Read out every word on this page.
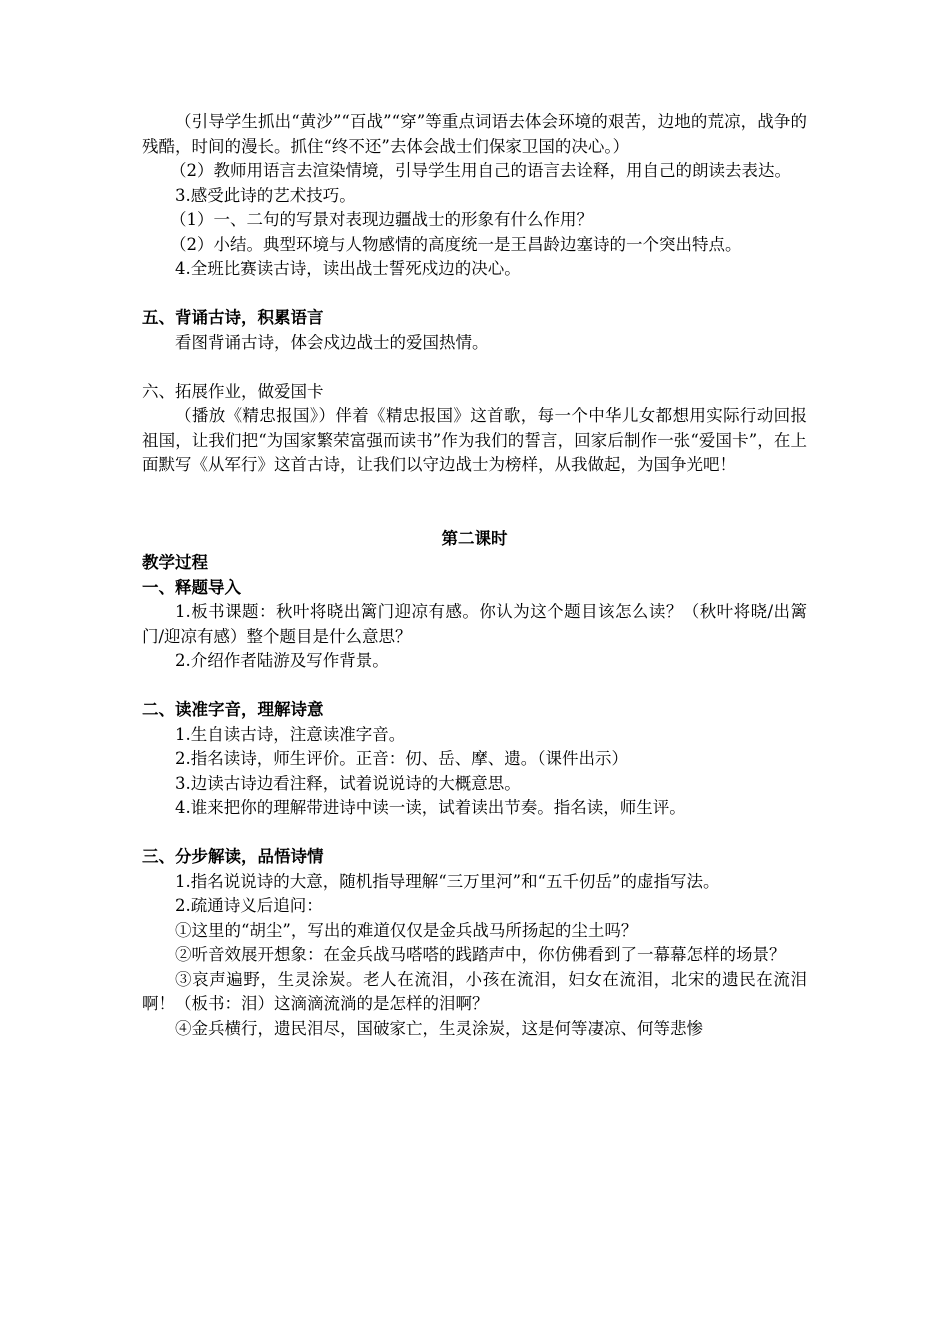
（引导学生抓出“黄沙”“百战”“穿”等重点词语去体会环境的艰苦，边地的荒凉，战争的残酷，时间的漫长。抓住“终不还”去体会战士们保家卫国的决心。）

（2）教师用语言去渲染情境，引导学生用自己的语言去诠释，用自己的朗读去表达。

3.感受此诗的艺术技巧。

（1）一、二句的写景对表现边疆战士的形象有什么作用？

（2）小结。典型环境与人物感情的高度统一是王昌龄边塞诗的一个突出特点。

4.全班比赛读古诗，读出战士誓死戍边的决心。

五、背诵古诗，积累语言

看图背诵古诗，体会戍边战士的爱国热情。

六、拓展作业，做爱国卡

（播放《精忠报国》）伴着《精忠报国》这首歌，每一个中华儿女都想用实际行动回报祖国，让我们把“为国家繁荣富强而读书”作为我们的誓言，回家后制作一张“爱国卡”，在上面默写《从军行》这首古诗，让我们以守边战士为榜样，从我做起，为国争光吧！

第二课时

教学过程

一、释题导入

1.板书课题：秋叶将晓出篱门迎凉有感。你认为这个题目该怎么读？（秋叶将晓/出篱门/迎凉有感）整个题目是什么意思？

2.介绍作者陆游及写作背景。

二、读准字音，理解诗意

1.生自读古诗，注意读准字音。

2.指名读诗，师生评价。正音：仞、岳、摩、遗。（课件出示）

3.边读古诗边看注释，试着说说诗的大概意思。

4.谁来把你的理解带进诗中读一读，试着读出节奏。指名读，师生评。

三、分步解读，品悟诗情

1.指名说说诗的大意，随机指导理解“三万里河”和“五千仞岳”的虚指写法。

2.疏通诗义后追问：

①这里的“胡尘”，写出的难道仅仅是金兵战马所扬起的尘土吗？

②听音效展开想象：在金兵战马嗒嗒的践踏声中，你仿佛看到了一幕幕怎样的场景？

③哀声遍野，生灵涂炭。老人在流泪，小孩在流泪，妇女在流泪，北宋的遗民在流泪啊！（板书：泪）这滴滴流淌的是怎样的泪啊？

④金兵横行，遗民泪尽，国破家亡，生灵涂炭，这是何等凄凉、何等悲惨
